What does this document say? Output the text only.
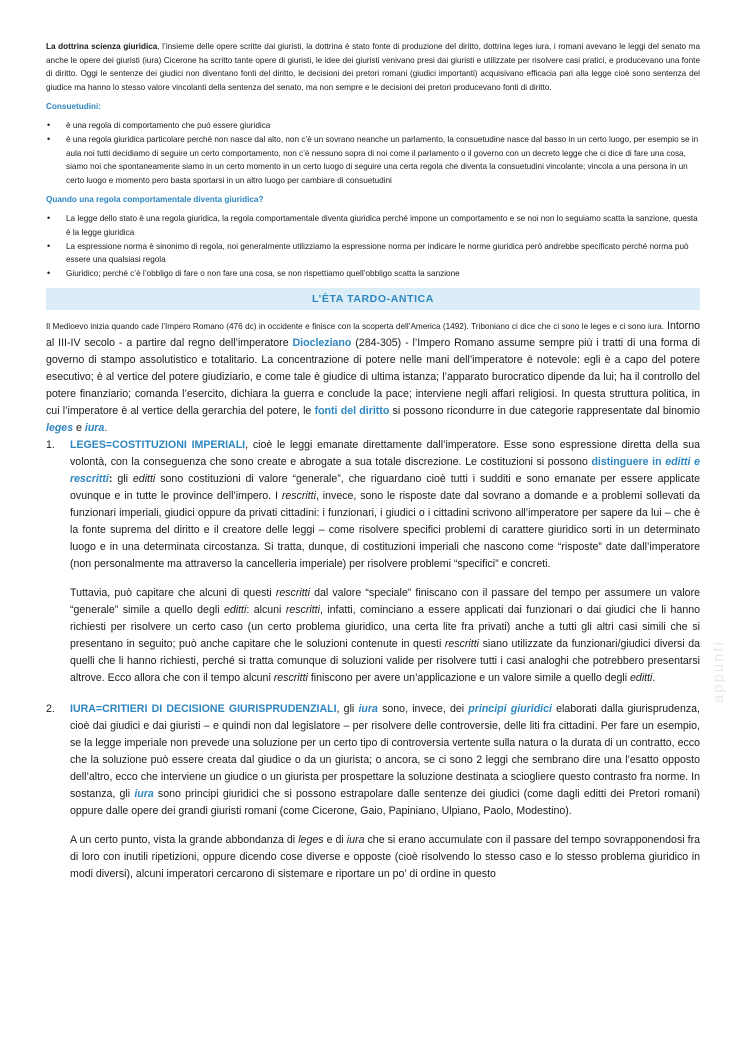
La dottrina scienza giuridica, l’insieme delle opere scritte dai giuristi, la dottrina è stato fonte di produzione del diritto, dottrina leges iura, i romani avevano le leggi del senato ma anche le opere dei giuristi (iura) Cicerone ha scritto tante opere di giuristi, le idee dei giuristi venivano presi dai giuristi e utilizzate per risolvere casi pratici, e producevano una fonte di diritto. Oggi le sentenze dei giudici non diventano fonti del diritto, le decisioni dei pretori romani (giudici importanti) acquisivano efficacia pari alla legge cioè sono sentenza del giudice ma hanno lo stesso valore vincolanti della sentenza del senato, ma non sempre e le decisioni dei pretori producevano fonti di diritto.

Consuetudini:

• è una regola di comportamento che può essere giuridica
• è una regola giuridica particolare perché non nasce dal alto, non c’è un sovrano neanche un parlamento, la consuetudine nasce dal basso in un certo luogo, per esempio se in aula noi tutti decidiamo di seguire un certo comportamento, non c’è nessuno sopra di noi come il parlamento o il governo con un decreto legge che ci dice di fare una cosa, siamo noi che spontaneamente siamo in un certo momento in un certo luogo di seguire una certa regola che diventa la consuetudini vincolante; vincola a una persona in un certo luogo e momento pero basta sportarsi in un altro luogo per cambiare di consuetudini

Quando una regola comportamentale diventa giuridica?

• La legge dello stato è una regola giuridica, la regola comportamentale diventa giuridica perché impone un comportamento e se noi non lo seguiamo scatta la sanzione, questa è la legge giuridica
• La espressione norma è sinonimo di regola, noi generalmente utilizziamo la espressione norma per indicare le norme giuridica però andrebbe specificato perché norma può essere una qualsiasi regola
• Giuridico; perché c’è l’obbligo di fare o non fare una cosa, se non rispettiamo quell’obbligo scatta la sanzione
L’ÈTA TARDO-ANTICA

Il Medioevo inizia quando cade l’Impero Romano (476 dc) in occidente e finisce con la scoperta dell’America (1492). Triboniano ci dice che ci sono le leges e ci sono iura. Intorno al III-IV secolo - a partire dal regno dell’imperatore Diocleziano (284-305) - l’Impero Romano assume sempre più i tratti di una forma di governo di stampo assolutistico e totalitario. La concentrazione di potere nelle mani dell’imperatore è notevole: egli è a capo del potere esecutivo; è al vertice del potere giudiziario, e come tale è giudice di ultima istanza; l’apparato burocratico dipende da lui; ha il controllo del potere finanziario; comanda l’esercito, dichiara la guerra e conclude la pace; interviene negli affari religiosi. In questa struttura politica, in cui l’imperatore è al vertice della gerarchia del potere, le fonti del diritto si possono ricondurre in due categorie rappresentate dal binomio leges e iura.

1. LEGES=COSTITUZIONI IMPERIALI, cioè le leggi emanate direttamente dall’imperatore. Esse sono espressione diretta della sua volontà, con la conseguenza che sono create e abrogate a sua totale discrezione. Le costituzioni si possono distinguere in editti e rescritti: gli editti sono costituzioni di valore “generale”, che riguardano cioè tutti i sudditi e sono emanate per essere applicate ovunque e in tutte le province dell’impero. I rescritti, invece, sono le risposte date dal sovrano a domande e a problemi sollevati da funzionari imperiali, giudici oppure da privati cittadini: i funzionari, i giudici o i cittadini scrivono all’imperatore per sapere da lui – che è la fonte suprema del diritto e il creatore delle leggi – come risolvere specifici problemi di carattere giuridico sorti in un determinato luogo e in una determinata circostanza. Si tratta, dunque, di costituzioni imperiali che nascono come “risposte” date dall’imperatore (non personalmente ma attraverso la cancelleria imperiale) per risolvere problemi “specifici” e concreti.

Tuttavia, può capitare che alcuni di questi rescritti dal valore “speciale” finiscano con il passare del tempo per assumere un valore “generale” simile a quello degli editti: alcuni rescritti, infatti, cominciano a essere applicati dai funzionari o dai giudici che li hanno richiesti per risolvere un certo caso (un certo problema giuridico, una certa lite fra privati) anche a tutti gli altri casi simili che si presentano in seguito; può anche capitare che le soluzioni contenute in questi rescritti siano utilizzate da funzionari/giudici diversi da quelli che li hanno richiesti, perché si tratta comunque di soluzioni valide per risolvere tutti i casi analoghi che potrebbero presentarsi altrove. Ecco allora che con il tempo alcuni rescritti finiscono per avere un’applicazione e un valore simile a quello degli editti.

2. IURA=CRITIERI DI DECISIONE GIURISPRUDENZIALI, gli iura sono, invece, dei principi giuridici elaborati dalla giurisprudenza, cioè dai giudici e dai giuristi – e quindi non dal legislatore – per risolvere delle controversie, delle liti fra cittadini. Per fare un esempio, se la legge imperiale non prevede una soluzione per un certo tipo di controversia vertente sulla natura o la durata di un contratto, ecco che la soluzione può essere creata dal giudice o da un giurista; o ancora, se ci sono 2 leggi che sembrano dire una l’esatto opposto dell’altro, ecco che interviene un giudice o un giurista per prospettare la soluzione destinata a sciogliere questo contrasto fra norme. In sostanza, gli iura sono principi giuridici che si possono estrapolare dalle sentenze dei giudici (come dagli editti dei Pretori romani) oppure dalle opere dei grandi giuristi romani (come Cicerone, Gaio, Papiniano, Ulpiano, Paolo, Modestino).

A un certo punto, vista la grande abbondanza di leges e di iura che si erano accumulate con il passare del tempo sovrapponendosi fra di loro con inutili ripetizioni, oppure dicendo cose diverse e opposte (cioè risolvendo lo stesso caso e lo stesso problema giuridico in modi diversi), alcuni imperatori cercarono di sistemare e riportare un po’ di ordine in questo

appunti
